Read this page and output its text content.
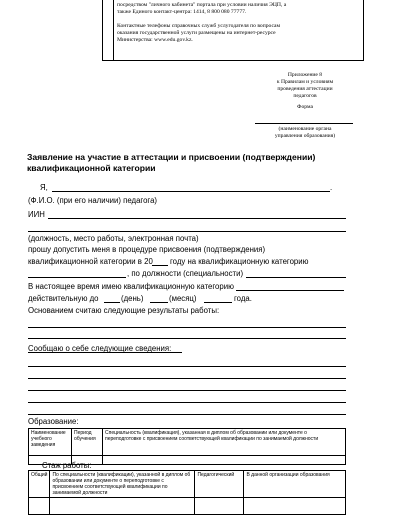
посредством "личного кабинета" портала при условии наличия ЭЦП, а

также Единого контакт-центра: 1414, 8 800 080 77777.

Контактные телефоны справочных служб услугодателя по вопросам

оказания государственной услуги размещены на интернет-ресурсе

Министерства: www.edu.gov.kz.

Приложение 8
к Правилам и условиям
проведения аттестации
педагогов
Форма
(наименование органа
управления образования)
Заявление на участие в аттестации и присвоении (подтверждении) квалификационной категории
Я,	.
(Ф.И.О. (при его наличии) педагога)
ИИН
(должность, место работы, электронная почта)
прошу допустить меня в процедуре присвоения (подтверждения)
квалификационной категории в 20 году на квалификационную категорию
, по должности (специальности)
В настоящее время имею квалификационную категорию
действительную до	(день)	(месяц)	года.
Основанием считаю следующие результаты работы:
Сообщаю о себе следующие сведения:
Образование:
Наименование учебного заведения	Период обучения	Специальность (квалификация), указанная в диплом об образовании или документе о переподготовке с присвоением соответствующей квалификации по занимаемой должности

Стаж работы:
Общий	По специальности (квалификации), указанной в диплом об образовании или документе о переподготовке с присвоением соответствующей квалификации по занимаемой должности	Педагогический	В данной организации образования
